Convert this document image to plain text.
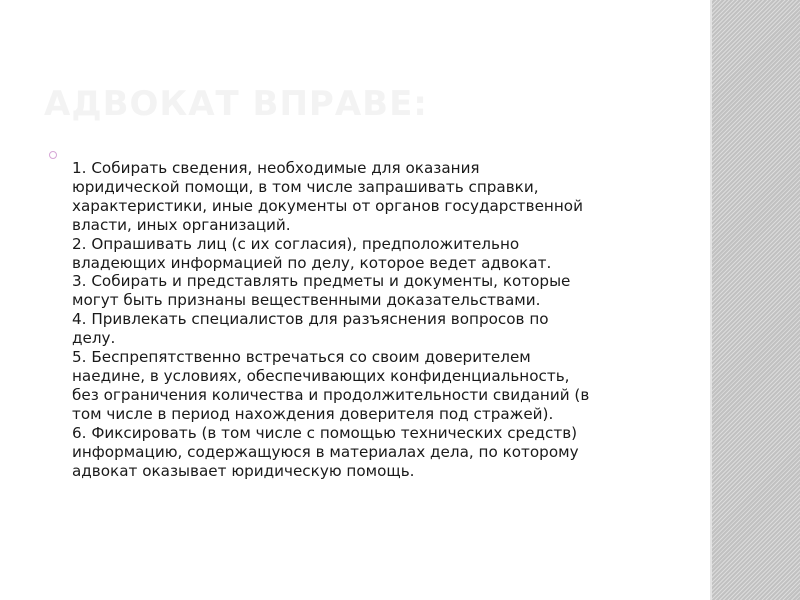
АДВОКАТ ВПРАВЕ:
1. Собирать сведения, необходимые для оказания
юридической помощи, в том числе запрашивать справки,
характеристики, иные документы от органов государственной
власти, иных организаций.
2. Опрашивать лиц (с их согласия), предположительно
владеющих информацией по делу, которое ведет адвокат.
3. Собирать и представлять предметы и документы, которые
могут быть признаны вещественными доказательствами.
4. Привлекать специалистов для разъяснения вопросов по
делу.
5. Беспрепятственно встречаться со своим доверителем
наедине, в условиях, обеспечивающих конфиденциальность,
без ограничения количества и продолжительности свиданий (в
том числе в период нахождения доверителя под стражей).
6. Фиксировать (в том числе с помощью технических средств)
информацию, содержащуюся в материалах дела, по которому
адвокат оказывает юридическую помощь.
